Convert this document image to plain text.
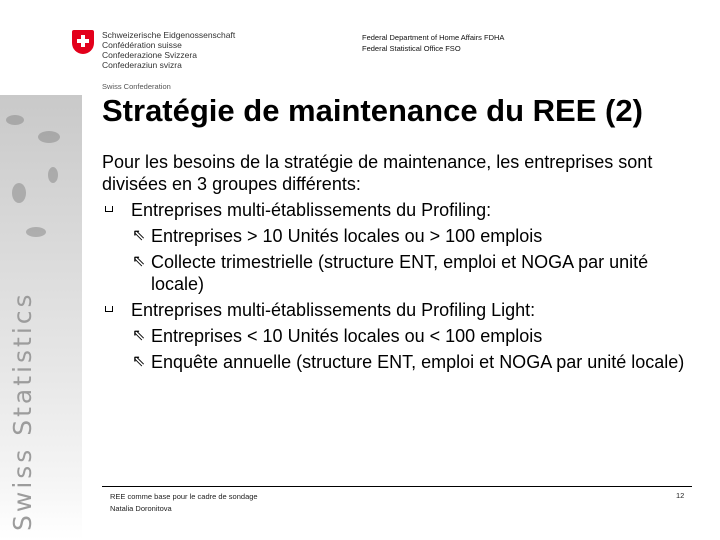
Swiss Statistics
Schweizerische Eidgenossenschaft
Confédération suisse
Confederazione Svizzera
Confederaziun svizra
Swiss Confederation
Federal Department of Home Affairs FDHA
Federal Statistical Office FSO
Stratégie de maintenance du REE (2)
Pour les besoins de la stratégie de maintenance, les entreprises sont divisées en 3 groupes différents:
Entreprises multi-établissements du Profiling:
⇖ Entreprises > 10 Unités locales ou > 100 emplois
⇖ Collecte trimestrielle (structure ENT, emploi et NOGA par unité locale)
Entreprises multi-établissements du Profiling Light:
⇖ Entreprises < 10 Unités locales ou < 100 emplois
⇖ Enquête annuelle (structure ENT, emploi et NOGA par unité locale)
REE comme base pour le cadre de sondage
Natalia Doronitova
12
